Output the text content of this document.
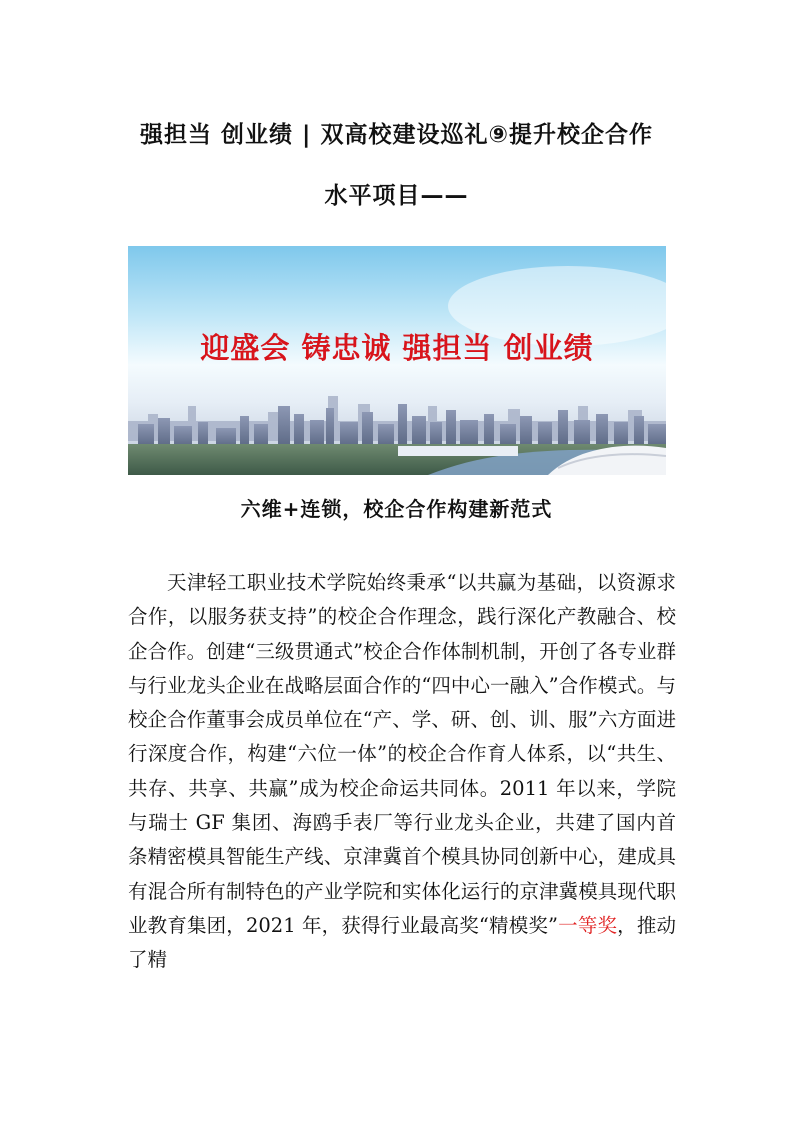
强担当 创业绩 | 双高校建设巡礼⑨提升校企合作
水平项目——
迎盛会 铸忠诚 强担当 创业绩
六维+连锁，校企合作构建新范式

天津轻工职业技术学院始终秉承“以共赢为基础，以资源求合作，以服务获支持”的校企合作理念，践行深化产教融合、校企合作。创建“三级贯通式”校企合作体制机制，开创了各专业群与行业龙头企业在战略层面合作的“四中心一融入”合作模式。与校企合作董事会成员单位在“产、学、研、创、训、服”六方面进行深度合作，构建“六位一体”的校企合作育人体系，以“共生、共存、共享、共赢”成为校企命运共同体。2011 年以来，学院与瑞士 GF 集团、海鸥手表厂等行业龙头企业，共建了国内首条精密模具智能生产线、京津冀首个模具协同创新中心，建成具有混合所有制特色的产业学院和实体化运行的京津冀模具现代职业教育集团，2021 年，获得行业最高奖“精模奖”一等奖，推动了精
